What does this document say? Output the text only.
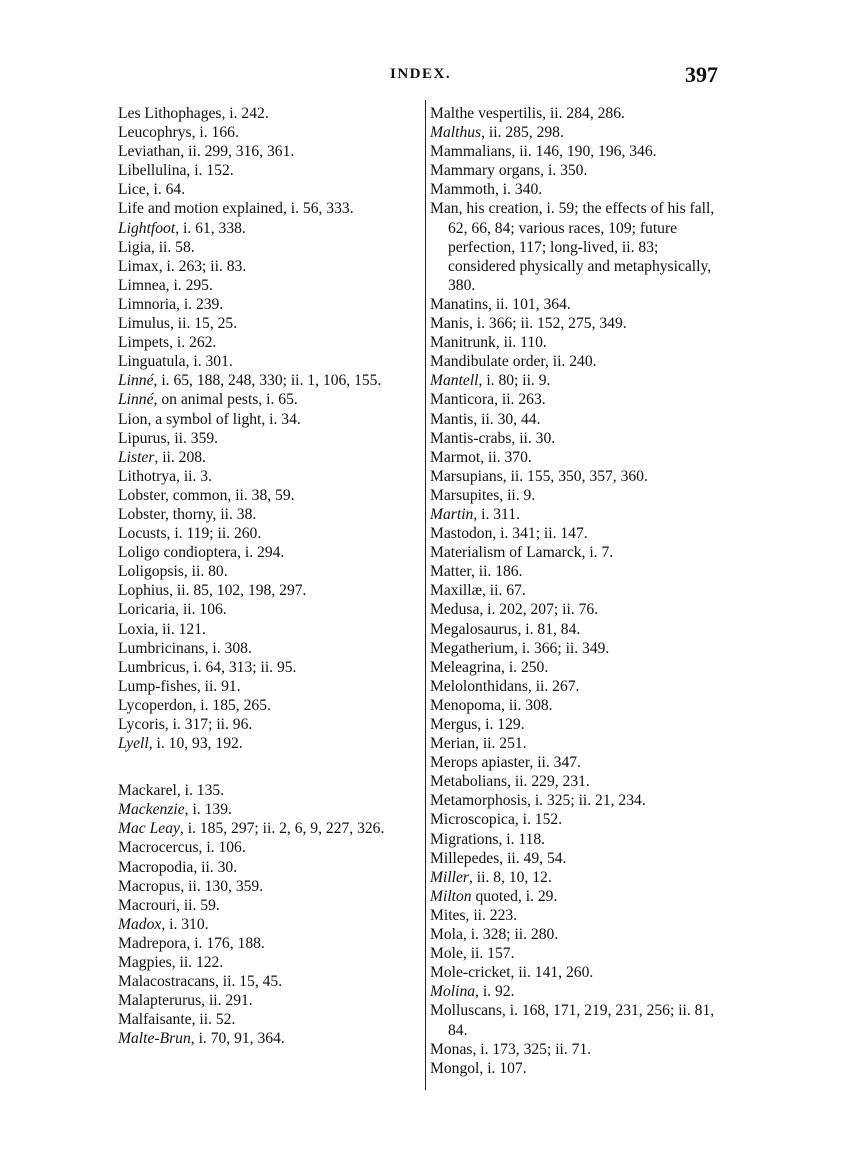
INDEX.	397
Les Lithophages, i. 242.
Leucophrys, i. 166.
Leviathan, ii. 299, 316, 361.
Libellulina, i. 152.
Lice, i. 64.
Life and motion explained, i. 56, 333.
Lightfoot, i. 61, 338.
Ligia, ii. 58.
Limax, i. 263; ii. 83.
Limnea, i. 295.
Limnoria, i. 239.
Limulus, ii. 15, 25.
Limpets, i. 262.
Linguatula, i. 301.
Linné, i. 65, 188, 248, 330; ii. 1, 106, 155.
Linné, on animal pests, i. 65.
Lion, a symbol of light, i. 34.
Lipurus, ii. 359.
Lister, ii. 208.
Lithotrya, ii. 3.
Lobster, common, ii. 38, 59.
Lobster, thorny, ii. 38.
Locusts, i. 119; ii. 260.
Loligo condioptera, i. 294.
Loligopsis, ii. 80.
Lophius, ii. 85, 102, 198, 297.
Loricaria, ii. 106.
Loxia, ii. 121.
Lumbricinans, i. 308.
Lumbricus, i. 64, 313; ii. 95.
Lump-fishes, ii. 91.
Lycoperdon, i. 185, 265.
Lycoris, i. 317; ii. 96.
Lyell, i. 10, 93, 192.
Mackarel, i. 135.
Mackenzie, i. 139.
Mac Leay, i. 185, 297; ii. 2, 6, 9, 227, 326.
Macrocercus, i. 106.
Macropodia, ii. 30.
Macropus, ii. 130, 359.
Macrouri, ii. 59.
Madox, i. 310.
Madrepora, i. 176, 188.
Magpies, ii. 122.
Malacostracans, ii. 15, 45.
Malapterurus, ii. 291.
Malfaisante, ii. 52.
Malte-Brun, i. 70, 91, 364.
Malthe vespertilis, ii. 284, 286.
Malthus, ii. 285, 298.
Mammalians, ii. 146, 190, 196, 346.
Mammary organs, i. 350.
Mammoth, i. 340.
Man, his creation, i. 59; the effects of his fall, 62, 66, 84; various races, 109; future perfection, 117; long-lived, ii. 83; considered physically and metaphysically, 380.
Manatins, ii. 101, 364.
Manis, i. 366; ii. 152, 275, 349.
Manitrunk, ii. 110.
Mandibulate order, ii. 240.
Mantell, i. 80; ii. 9.
Manticora, ii. 263.
Mantis, ii. 30, 44.
Mantis-crabs, ii. 30.
Marmot, ii. 370.
Marsupians, ii. 155, 350, 357, 360.
Marsupites, ii. 9.
Martin, i. 311.
Mastodon, i. 341; ii. 147.
Materialism of Lamarck, i. 7.
Matter, ii. 186.
Maxillæ, ii. 67.
Medusa, i. 202, 207; ii. 76.
Megalosaurus, i. 81, 84.
Megatherium, i. 366; ii. 349.
Meleagrina, i. 250.
Melolonthidans, ii. 267.
Menopoma, ii. 308.
Mergus, i. 129.
Merian, ii. 251.
Merops apiaster, ii. 347.
Metabolians, ii. 229, 231.
Metamorphosis, i. 325; ii. 21, 234.
Microscopica, i. 152.
Migrations, i. 118.
Millepedes, ii. 49, 54.
Miller, ii. 8, 10, 12.
Milton quoted, i. 29.
Mites, ii. 223.
Mola, i. 328; ii. 280.
Mole, ii. 157.
Mole-cricket, ii. 141, 260.
Molina, i. 92.
Molluscans, i. 168, 171, 219, 231, 256; ii. 81, 84.
Monas, i. 173, 325; ii. 71.
Mongol, i. 107.
